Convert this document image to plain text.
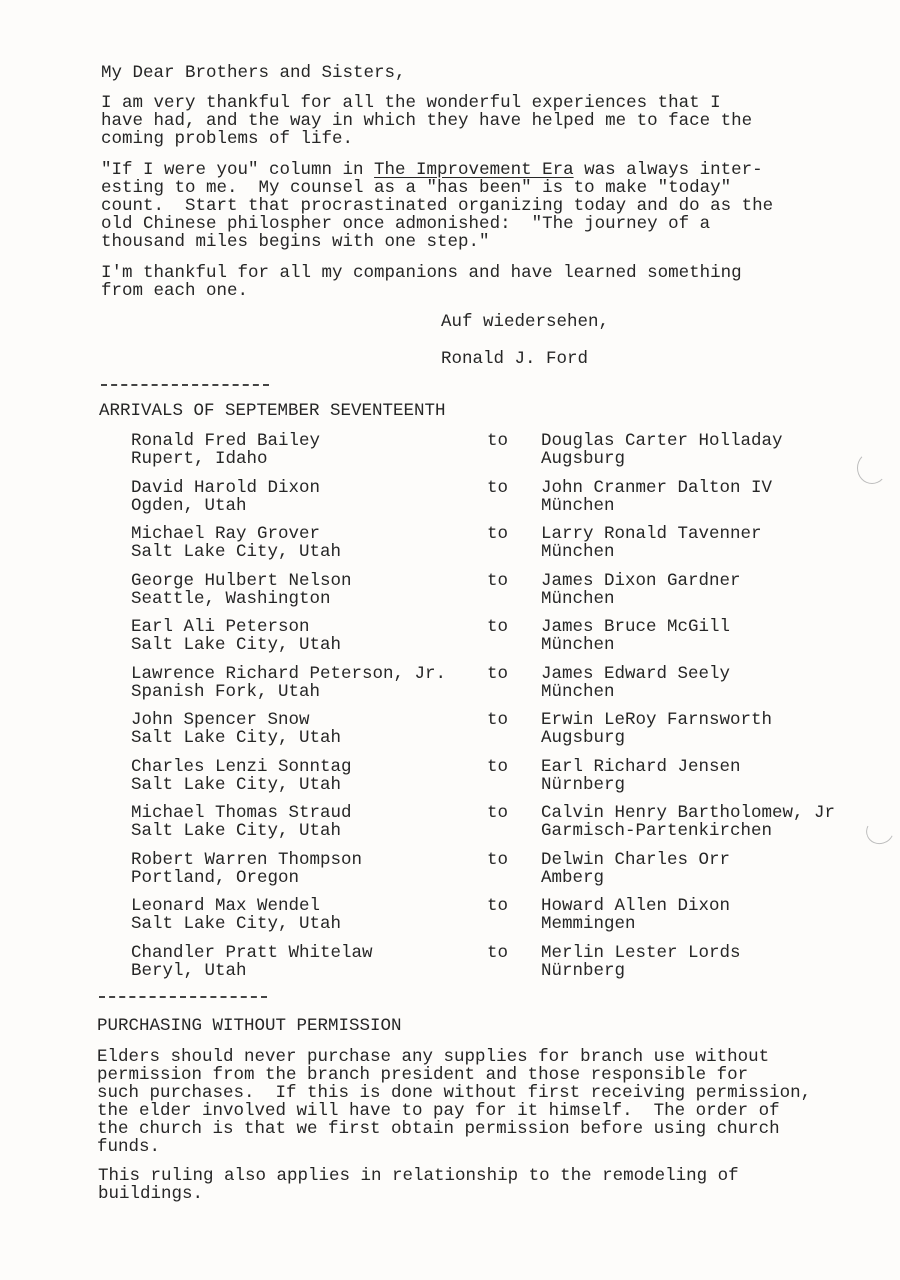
My Dear Brothers and Sisters,
I am very thankful for all the wonderful experiences that I
have had, and the way in which they have helped me to face the
coming problems of life.
"If I were you" column in The Improvement Era was always inter-
esting to me.  My counsel as a "has been" is to make "today"
count.  Start that procrastinated organizing today and do as the
old Chinese philospher once admonished:  "The journey of a
thousand miles begins with one step."
I'm thankful for all my companions and have learned something
from each one.
Auf wiedersehen,
Ronald J. Ford
ARRIVALS OF SEPTEMBER SEVENTEENTH
Ronald Fred Bailey
Rupert, Idaho
to Douglas Carter Holladay
Augsburg
David Harold Dixon
Ogden, Utah
to John Cranmer Dalton IV
München
Michael Ray Grover
Salt Lake City, Utah
to Larry Ronald Tavenner
München
George Hulbert Nelson
Seattle, Washington
to James Dixon Gardner
München
Earl Ali Peterson
Salt Lake City, Utah
to James Bruce McGill
München
Lawrence Richard Peterson, Jr.
Spanish Fork, Utah
to James Edward Seely
München
John Spencer Snow
Salt Lake City, Utah
to Erwin LeRoy Farnsworth
Augsburg
Charles Lenzi Sonntag
Salt Lake City, Utah
to Earl Richard Jensen
Nürnberg
Michael Thomas Straud
Salt Lake City, Utah
to Calvin Henry Bartholomew, Jr
Garmisch-Partenkirchen
Robert Warren Thompson
Portland, Oregon
to Delwin Charles Orr
Amberg
Leonard Max Wendel
Salt Lake City, Utah
to Howard Allen Dixon
Memmingen
Chandler Pratt Whitelaw
Beryl, Utah
to Merlin Lester Lords
Nürnberg
PURCHASING WITHOUT PERMISSION
Elders should never purchase any supplies for branch use without
permission from the branch president and those responsible for
such purchases.  If this is done without first receiving permission,
the elder involved will have to pay for it himself.  The order of
the church is that we first obtain permission before using church
funds.
This ruling also applies in relationship to the remodeling of
buildings.
